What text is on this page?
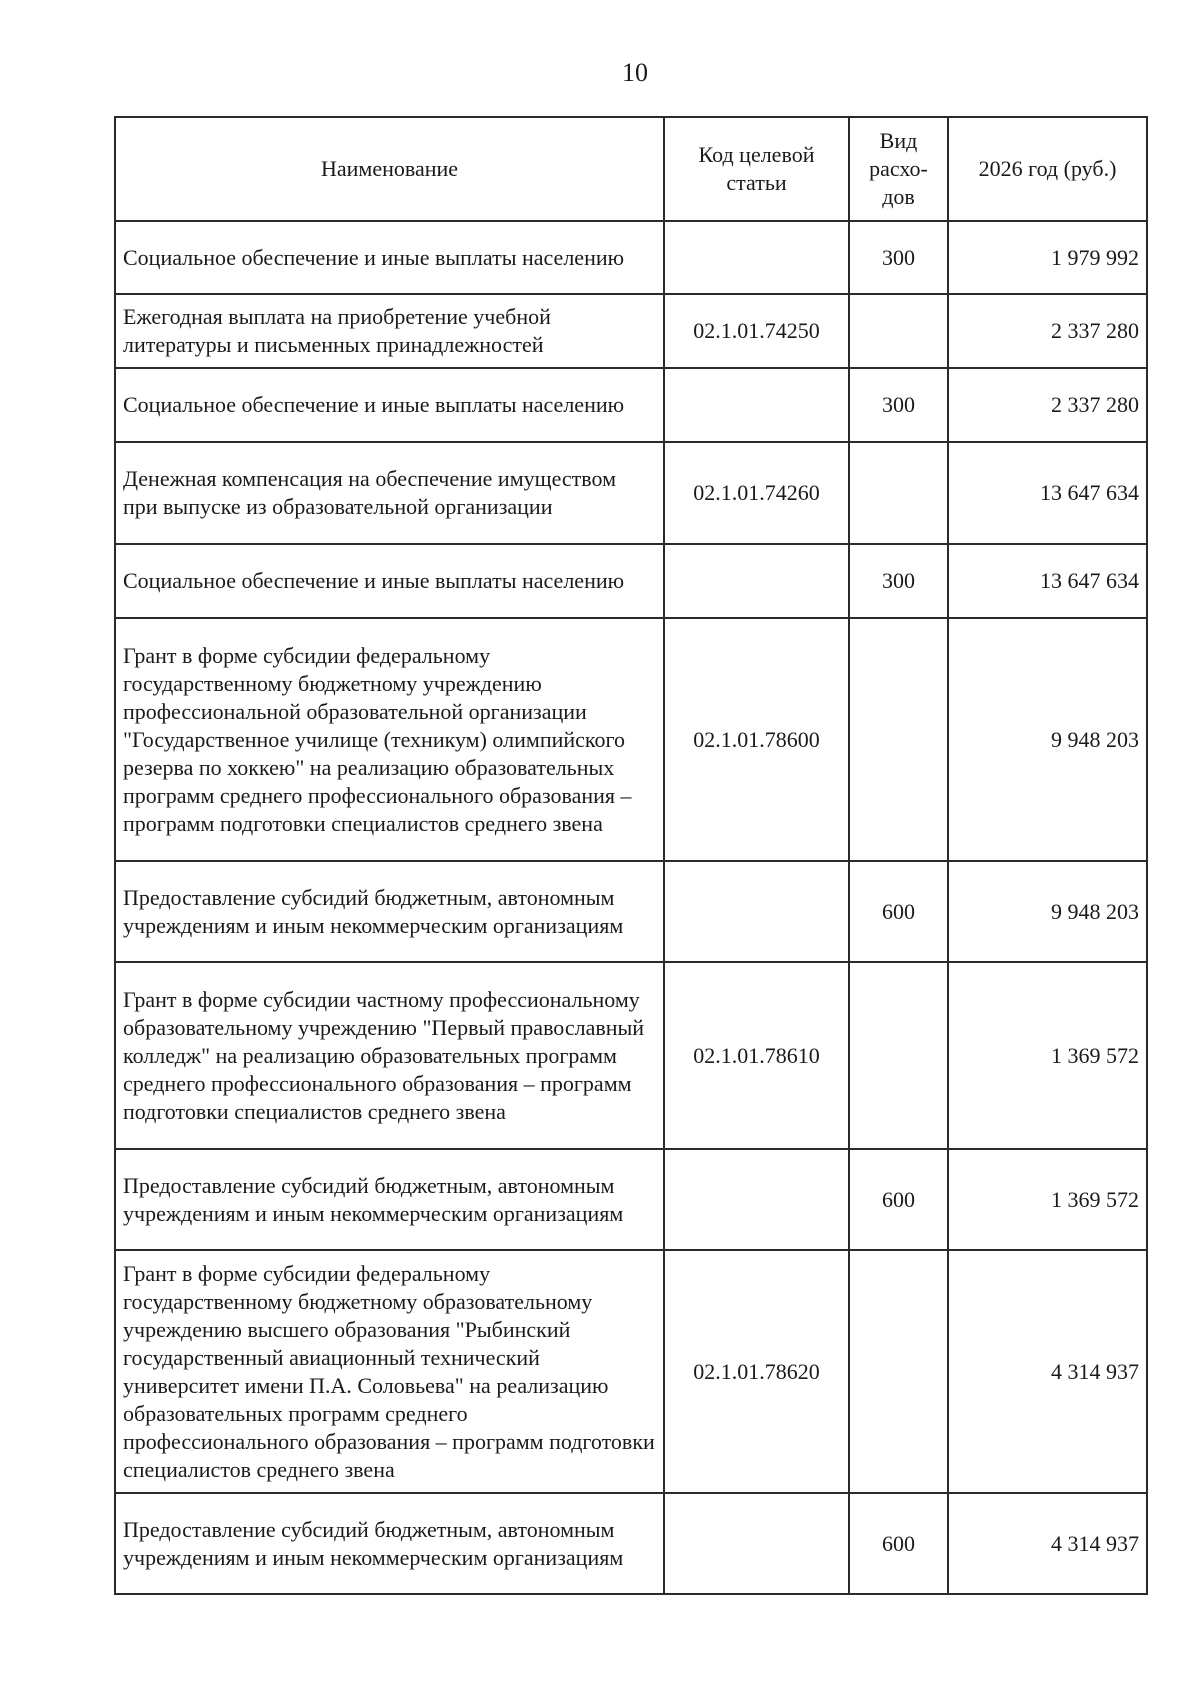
10
Наименование	Код целевой статьи	Вид расхо-дов	2026 год (руб.)
Социальное обеспечение и иные выплаты населению		300	1 979 992
Ежегодная выплата на приобретение учебной литературы и письменных принадлежностей	02.1.01.74250		2 337 280
Социальное обеспечение и иные выплаты населению		300	2 337 280
Денежная компенсация на обеспечение имуществом при выпуске из образовательной организации	02.1.01.74260		13 647 634
Социальное обеспечение и иные выплаты населению		300	13 647 634
Грант в форме субсидии федеральному государственному бюджетному учреждению профессиональной образовательной организации "Государственное училище (техникум) олимпийского резерва по хоккею" на реализацию образовательных программ среднего профессионального образования – программ подготовки специалистов среднего звена	02.1.01.78600		9 948 203
Предоставление субсидий бюджетным, автономным учреждениям и иным некоммерческим организациям		600	9 948 203
Грант в форме субсидии частному профессиональному образовательному учреждению "Первый православный колледж" на реализацию образовательных программ среднего профессионального образования – программ подготовки специалистов среднего звена	02.1.01.78610		1 369 572
Предоставление субсидий бюджетным, автономным учреждениям и иным некоммерческим организациям		600	1 369 572
Грант в форме субсидии федеральному государственному бюджетному образовательному учреждению высшего образования "Рыбинский государственный авиационный технический университет имени П.А. Соловьева" на реализацию образовательных программ среднего профессионального образования – программ подготовки специалистов среднего звена	02.1.01.78620		4 314 937
Предоставление субсидий бюджетным, автономным учреждениям и иным некоммерческим организациям		600	4 314 937
